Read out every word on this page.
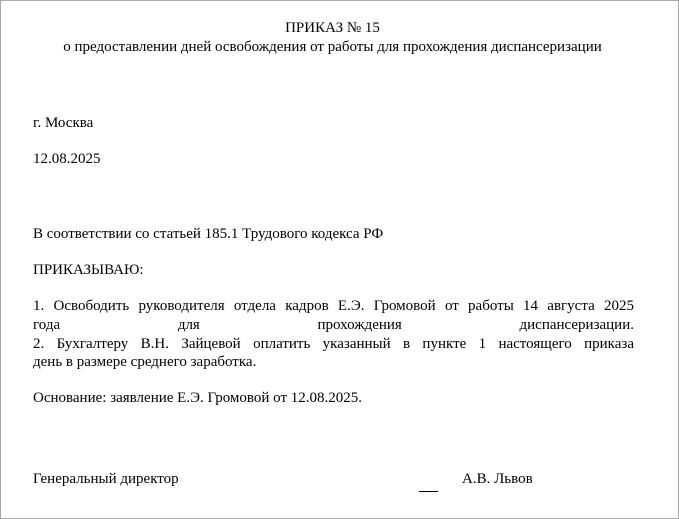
ПРИКАЗ № 15
о предоставлении дней освобождения от работы для прохождения диспансеризации
г. Москва
12.08.2025
В соответствии со статьей 185.1 Трудового кодекса РФ
ПРИКАЗЫВАЮ:
1. Освободить руководителя отдела кадров Е.Э. Громовой от работы 14 августа 2025
года	для	прохождения	диспансеризации.
2. Бухгалтеру В.Н. Зайцевой оплатить указанный в пункте 1 настоящего приказа
день в размере среднего заработка.
Основание: заявление Е.Э. Громовой от 12.08.2025.
Генеральный директор	А.В. Львов
